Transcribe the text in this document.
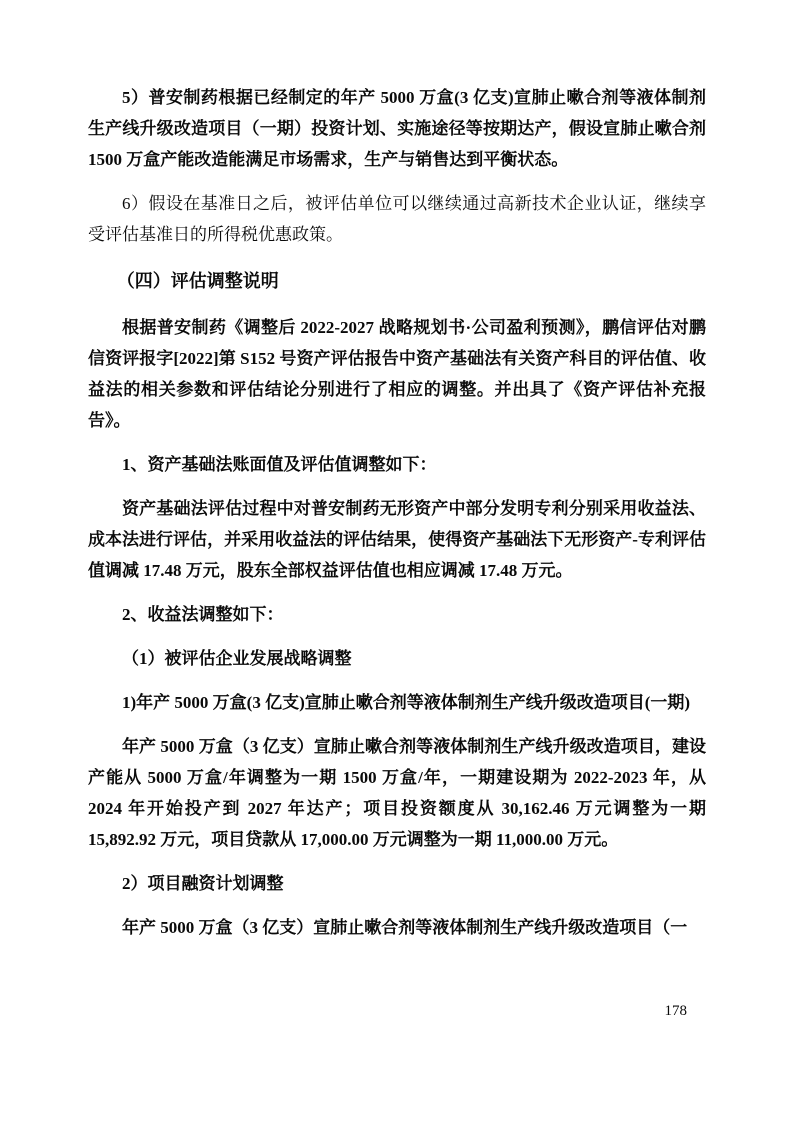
5）普安制药根据已经制定的年产 5000 万盒(3 亿支)宣肺止嗽合剂等液体制剂生产线升级改造项目（一期）投资计划、实施途径等按期达产，假设宣肺止嗽合剂 1500 万盒产能改造能满足市场需求，生产与销售达到平衡状态。

6）假设在基准日之后，被评估单位可以继续通过高新技术企业认证，继续享受评估基准日的所得税优惠政策。

（四）评估调整说明

根据普安制药《调整后 2022-2027 战略规划书·公司盈利预测》，鹏信评估对鹏信资评报字[2022]第 S152 号资产评估报告中资产基础法有关资产科目的评估值、收益法的相关参数和评估结论分别进行了相应的调整。并出具了《资产评估补充报告》。

1、资产基础法账面值及评估值调整如下：

资产基础法评估过程中对普安制药无形资产中部分发明专利分别采用收益法、成本法进行评估，并采用收益法的评估结果，使得资产基础法下无形资产-专利评估值调减 17.48 万元，股东全部权益评估值也相应调减 17.48 万元。

2、收益法调整如下：

（1）被评估企业发展战略调整

1)年产 5000 万盒(3 亿支)宣肺止嗽合剂等液体制剂生产线升级改造项目(一期)

年产 5000 万盒（3 亿支）宣肺止嗽合剂等液体制剂生产线升级改造项目，建设产能从 5000 万盒/年调整为一期 1500 万盒/年，一期建设期为 2022-2023 年，从 2024 年开始投产到 2027 年达产；项目投资额度从 30,162.46 万元调整为一期 15,892.92 万元，项目贷款从 17,000.00 万元调整为一期 11,000.00 万元。

2）项目融资计划调整

年产 5000 万盒（3 亿支）宣肺止嗽合剂等液体制剂生产线升级改造项目（一

178
